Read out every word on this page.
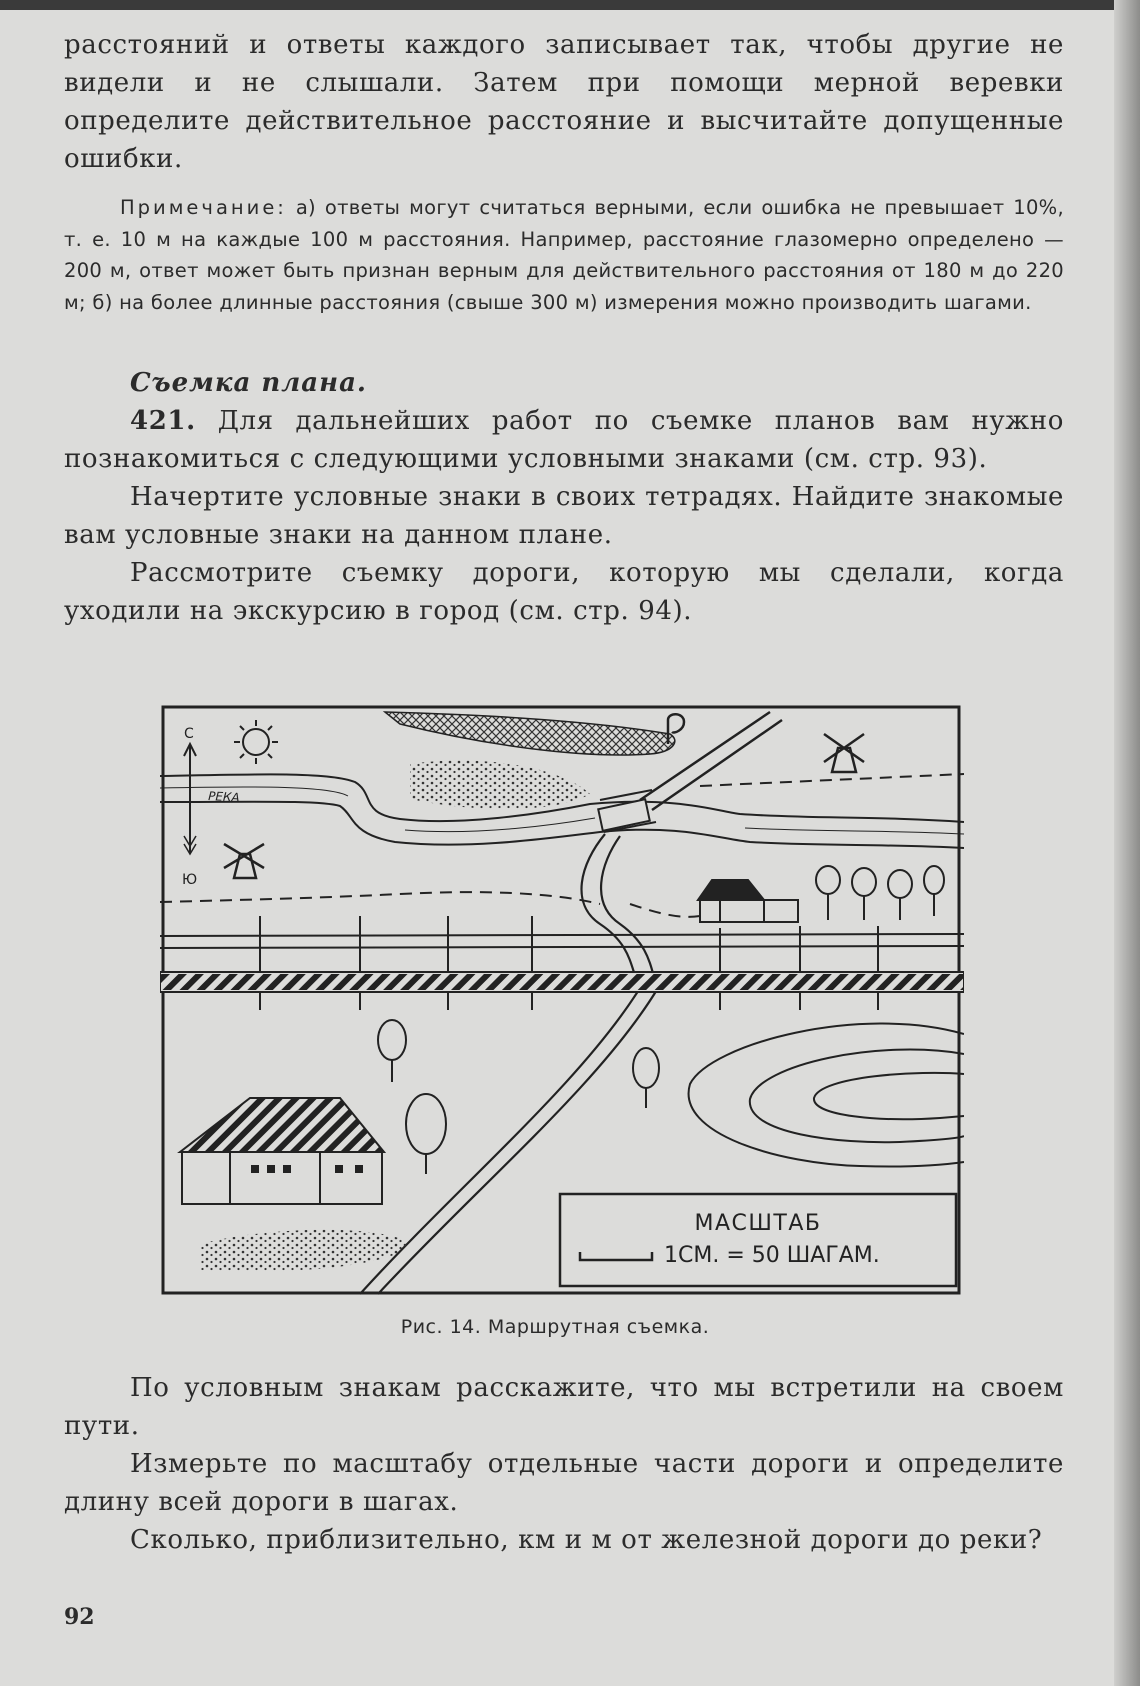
расстояний и ответы каждого записывает так, чтобы другие не видели и не слышали. Затем при помощи мерной веревки определите действительное расстояние и высчитайте допущенные ошибки.

Примечание: а) ответы могут считаться верными, если ошибка не превышает 10%, т. е. 10 м на каждые 100 м расстояния. Например, расстояние глазомерно определено — 200 м, ответ может быть признан верным для действительного расстояния от 180 м до 220 м; б) на более длинные расстояния (свыше 300 м) измерения можно производить шагами.

Съемка плана.

421. Для дальнейших работ по съемке планов вам нужно познакомиться с следующими условными знаками (см. стр. 93).

Начертите условные знаки в своих тетрадях. Найдите знакомые вам условные знаки на данном плане.

Рассмотрите съемку дороги, которую мы сделали, когда уходили на экскурсию в город (см. стр. 94).

С
Ю
РЕКА
МАСШТАБ
1СМ. = 50 ШАГАМ.
Рис. 14. Маршрутная съемка.

По условным знакам расскажите, что мы встретили на своем пути.

Измерьте по масштабу отдельные части дороги и определите длину всей дороги в шагах.

Сколько, приблизительно, км и м от железной дороги до реки?

92
